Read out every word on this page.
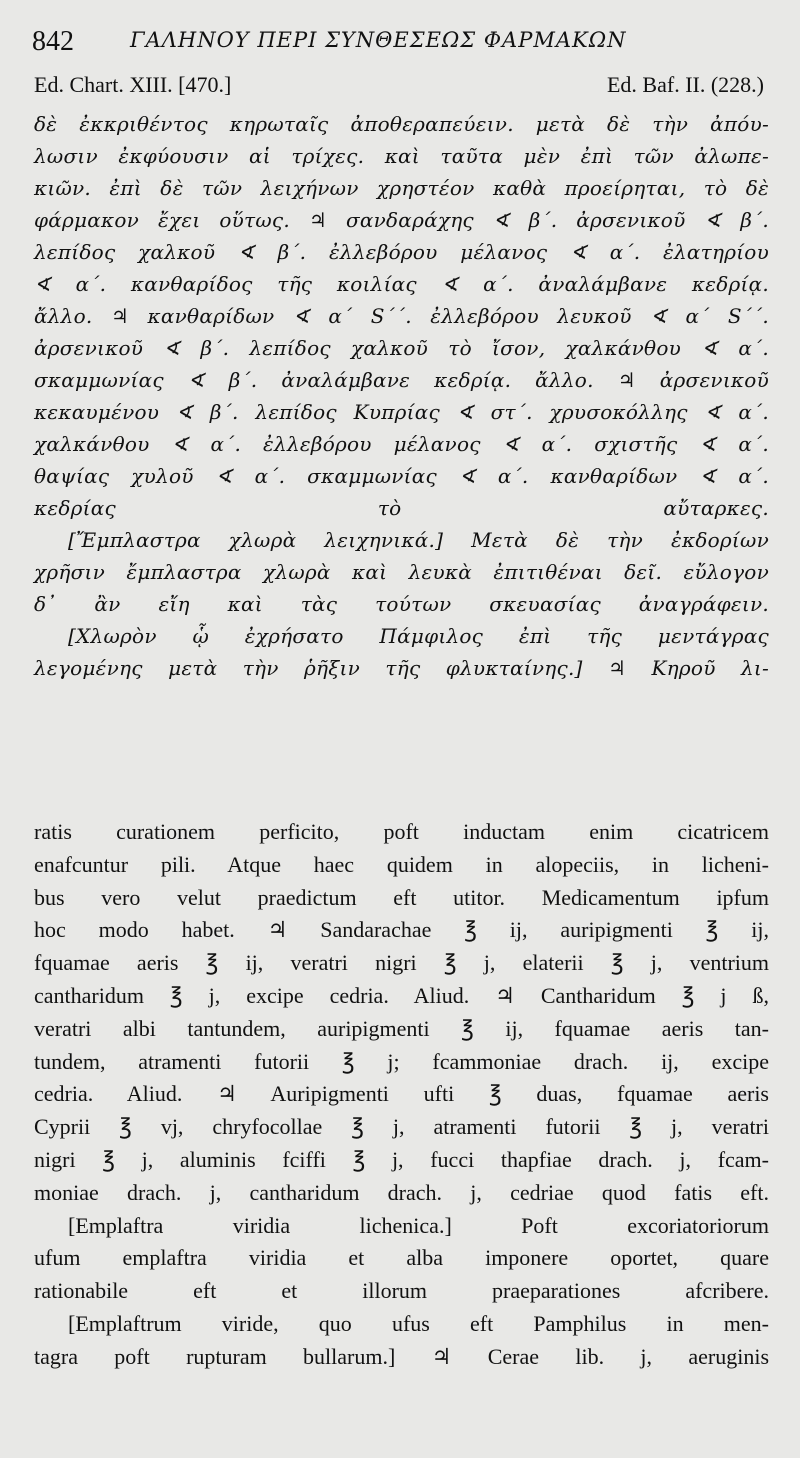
842	ΓΑΛΗΝΟΥ ΠΕΡΙ ΣΥΝΘΕΣΕΩΣ ΦΑΡΜΑΚΩΝ
Ed. Chart. XIII. [470.]	Ed. Baf. II. (228.)
δὲ ἐκκριθέντος κηρωταῖς ἀποθεραπεύειν. μετὰ δὲ τὴν ἀπόυ-
λωσιν ἐκφύουσιν αἱ τρίχες. καὶ ταῦτα μὲν ἐπὶ τῶν ἀλωπε-
κιῶν. ἐπὶ δὲ τῶν λειχήνων χρηστέον καθὰ προείρηται, τὸ δὲ
φάρμακον ἔχει οὕτως. ♃ σανδαράχης ∢ β΄. ἀρσενικοῦ ∢ β΄.
λεπίδος χαλκοῦ ∢ β΄. ἐλλεβόρου μέλανος ∢ α΄. ἐλατηρίου
∢ α΄. κανθαρίδος τῆς κοιλίας ∢ α΄. ἀναλάμβανε κεδρίᾳ.
ἄλλο. ♃ κανθαρίδων ∢ α΄ S΄΄. ἐλλεβόρου λευκοῦ ∢ α΄ S΄΄.
ἀρσενικοῦ ∢ β΄. λεπίδος χαλκοῦ τὸ ἴσον, χαλκάνθου ∢ α΄.
σκαμμωνίας ∢ β΄. ἀναλάμβανε κεδρίᾳ. ἄλλο. ♃ ἀρσενικοῦ
κεκαυμένου ∢ β΄. λεπίδος Κυπρίας ∢ στ΄. χρυσοκόλλης ∢ α΄.
χαλκάνθου ∢ α΄. ἐλλεβόρου μέλανος ∢ α΄. σχιστῆς ∢ α΄.
θαψίας χυλοῦ ∢ α΄. σκαμμωνίας ∢ α΄. κανθαρίδων ∢ α΄.
κεδρίας τὸ αὔταρκες.
[Ἔμπλαστρα χλωρὰ λειχηνικά.] Μετὰ δὲ τὴν ἐκδορίων
χρῆσιν ἔμπλαστρα χλωρὰ καὶ λευκὰ ἐπιτιθέναι δεῖ. εὔλογον
δ᾽ ἂν εἴη καὶ τὰς τούτων σκευασίας ἀναγράφειν.
[Χλωρὸν ᾧ ἐχρήσατο Πάμφιλος ἐπὶ τῆς μεντάγρας
λεγομένης μετὰ τὴν ῥῆξιν τῆς φλυκταίνης.] ♃ Κηροῦ λι-
ratis curationem perficito, poft inductam enim cicatricem
enafcuntur pili. Atque haec quidem in alopeciis, in licheni-
bus vero velut praedictum eft utitor. Medicamentum ipfum
hoc modo habet. ♃ Sandarachae ℥ ij, auripigmenti ℥ ij,
fquamae aeris ℥ ij, veratri nigri ℥ j, elaterii ℥ j, ventrium
cantharidum ℥ j, excipe cedria. Aliud. ♃ Cantharidum ℥ j ß,
veratri albi tantundem, auripigmenti ℥ ij, fquamae aeris tan-
tundem, atramenti futorii ℥ j; fcammoniae drach. ij, excipe
cedria. Aliud. ♃ Auripigmenti ufti ℥ duas, fquamae aeris
Cyprii ℥ vj, chryfocollae ℥ j, atramenti futorii ℥ j, veratri
nigri ℥ j, aluminis fciffi ℥ j, fucci thapfiae drach. j, fcam-
moniae drach. j, cantharidum drach. j, cedriae quod fatis eft.
[Emplaftra viridia lichenica.] Poft excoriatoriorum
ufum emplaftra viridia et alba imponere oportet, quare
rationabile eft et illorum praeparationes afcribere.
[Emplaftrum viride, quo ufus eft Pamphilus in men-
tagra poft rupturam bullarum.] ♃ Cerae lib. j, aeruginis
